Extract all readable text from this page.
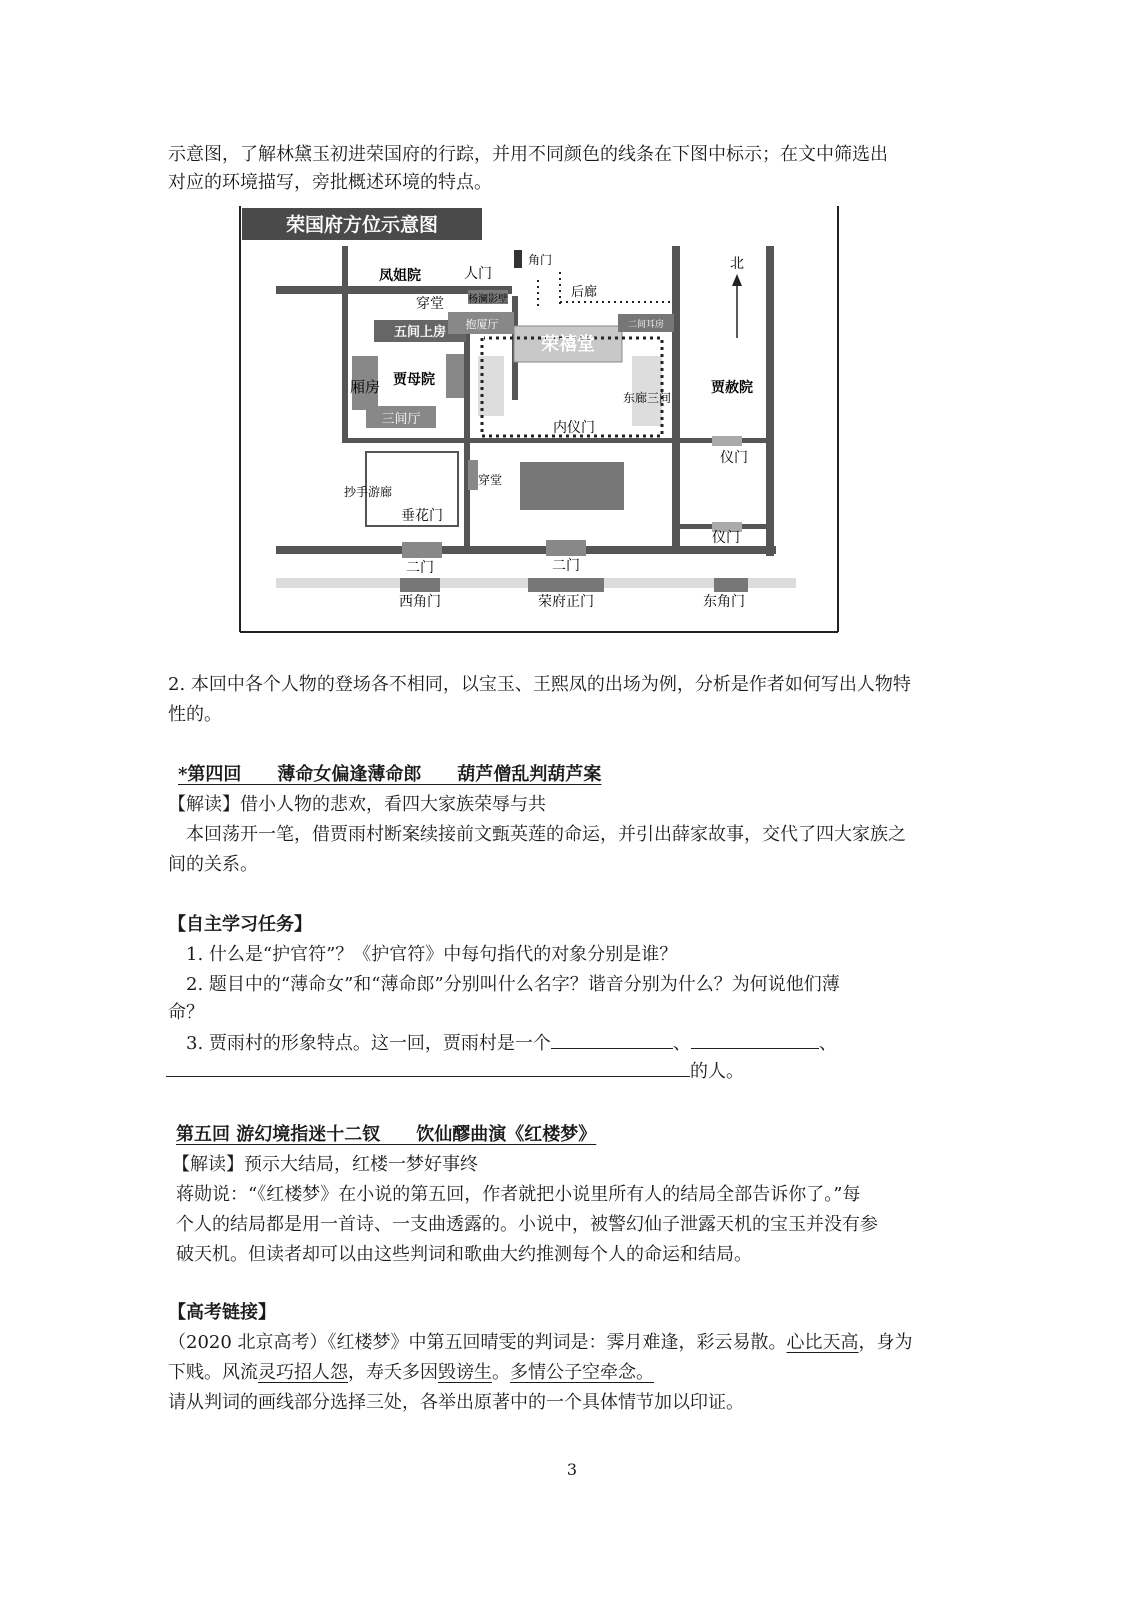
示意图，了解林黛玉初进荣国府的行踪，并用不同颜色的线条在下图中标示；在文中筛选出
对应的环境描写，旁批概述环境的特点。
荣国府方位示意图
北
凤姐院	人门
角门
后廊
穿堂 杨澜影壁
五间上房
抱厦厅
荣禧堂
二间耳房
厢房 贾母院
三间厅
东廊三间
贾赦院
内仪门
仪门
仪门
抄手游廊
穿堂
垂花门
二门	二门
西角门	荣府正门	东角门
2. 本回中各个人物的登场各不相同，以宝玉、王熙凤的出场为例，分析是作者如何写出人物特
性的。
*第四回　　薄命女偏逢薄命郎　　葫芦僧乱判葫芦案
【解读】借小人物的悲欢，看四大家族荣辱与共
本回荡开一笔，借贾雨村断案续接前文甄英莲的命运，并引出薛家故事，交代了四大家族之
间的关系。
【自主学习任务】
1. 什么是“护官符”？《护官符》中每句指代的对象分别是谁？
2. 题目中的“薄命女”和“薄命郎”分别叫什么名字？谐音分别为什么？为何说他们薄
命？
3. 贾雨村的形象特点。这一回，贾雨村是一个	、	、
的人。
第五回 游幻境指迷十二钗　　饮仙醪曲演《红楼梦》
【解读】预示大结局，红楼一梦好事终
蒋勋说：“《红楼梦》在小说的第五回，作者就把小说里所有人的结局全部告诉你了。”每
个人的结局都是用一首诗、一支曲透露的。小说中，被警幻仙子泄露天机的宝玉并没有参
破天机。但读者却可以由这些判词和歌曲大约推测每个人的命运和结局。
【高考链接】
（2020 北京高考）《红楼梦》中第五回晴雯的判词是：霁月难逢，彩云易散。心比天高，身为
下贱。风流灵巧招人怨，寿夭多因毁谤生。多情公子空牵念。
请从判词的画线部分选择三处，各举出原著中的一个具体情节加以印证。
3
